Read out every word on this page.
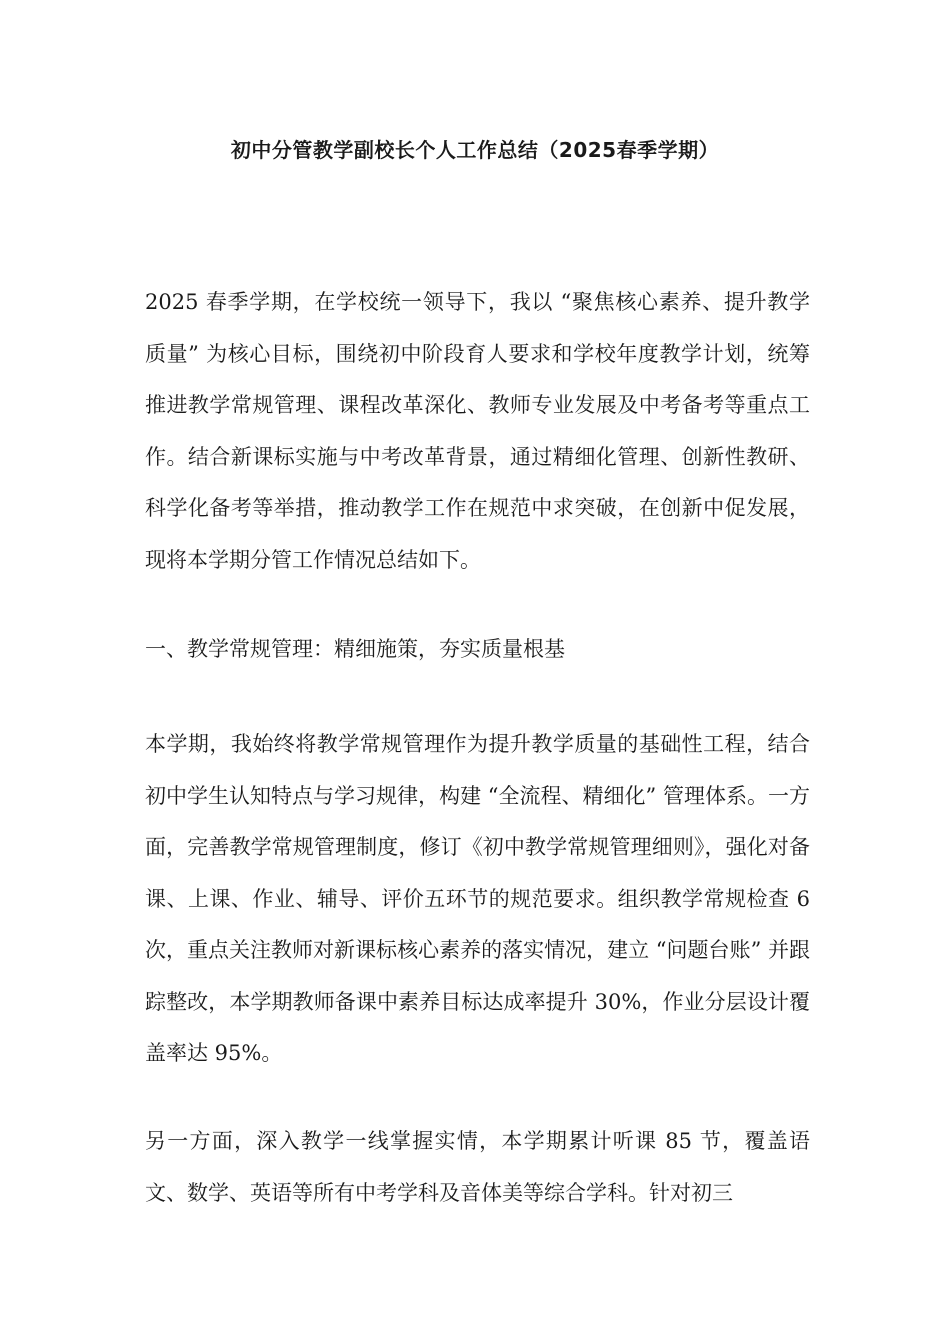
初中分管教学副校长个人工作总结（2025春季学期）

2025 春季学期，在学校统一领导下，我以 “聚焦核心素养、提升教学质量” 为核心目标，围绕初中阶段育人要求和学校年度教学计划，统筹推进教学常规管理、课程改革深化、教师专业发展及中考备考等重点工作。结合新课标实施与中考改革背景，通过精细化管理、创新性教研、科学化备考等举措，推动教学工作在规范中求突破，在创新中促发展，现将本学期分管工作情况总结如下。

一、教学常规管理：精细施策，夯实质量根基

本学期，我始终将教学常规管理作为提升教学质量的基础性工程，结合初中学生认知特点与学习规律，构建 “全流程、精细化” 管理体系。一方面，完善教学常规管理制度，修订《初中教学常规管理细则》，强化对备课、上课、作业、辅导、评价五环节的规范要求。组织教学常规检查 6 次，重点关注教师对新课标核心素养的落实情况，建立 “问题台账” 并跟踪整改，本学期教师备课中素养目标达成率提升 30%，作业分层设计覆盖率达 95%。

另一方面，深入教学一线掌握实情，本学期累计听课 85 节，覆盖语文、数学、英语等所有中考学科及音体美等综合学科。针对初三
